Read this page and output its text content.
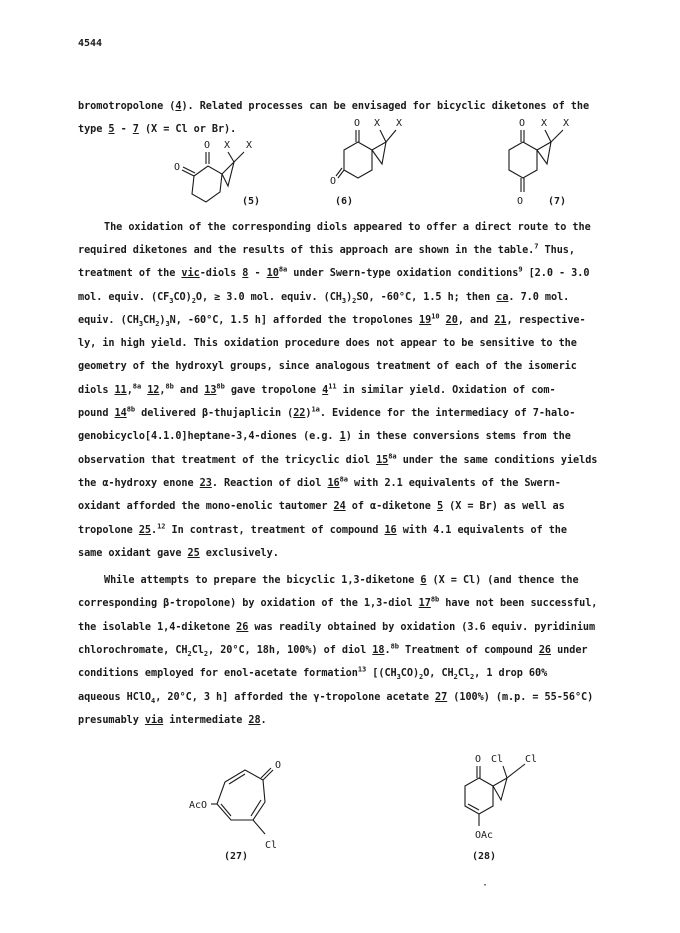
4544
bromotropolone (4). Related processes can be envisaged for bicyclic diketones of the
type 5 - 7 (X = Cl or Br).
O X X
O
(5)
O X X
O
(6)
O X X
O (7)
The oxidation of the corresponding diols appeared to offer a direct route to the
required diketones and the results of this approach are shown in the table.$^7$ Thus,
treatment of the vic-diols $8 - 10^{8a}$ under Swern-type oxidation conditions$^9$ [2.0 - 3.0
mol. equiv. $(CF_3CO)_2O$, ≥ 3.0 mol. equiv. $(CH_3)_2SO$, -60°C, 1.5 h; then ca. 7.0 mol.
equiv. $(CH_3CH_2)_3N$, -60°C, 1.5 h] afforded the tropolones $19^{10}$ 20, and 21, respective-
ly, in high yield. This oxidation procedure does not appear to be sensitive to the
geometry of the hydroxyl groups, since analogous treatment of each of the isomeric
diols 11,$^{8a}$ 12,$^{8b}$ and $13^{8b}$ gave tropolone $4^{11}$ in similar yield. Oxidation of com-
pound $14^{8b}$ delivered β-thujaplicin $(22)^{1a}$. Evidence for the intermediacy of 7-halo-
genobicyclo[4.1.0]heptane-3,4-diones (e.g. 1) in these conversions stems from the
observation that treatment of the tricyclic diol $15^{8a}$ under the same conditions yields
the α-hydroxy enone 23. Reaction of diol $16^{8a}$ with 2.1 equivalents of the Swern-
oxidant afforded the mono-enolic tautomer 24 of α-diketone 5 (X = Br) as well as
tropolone 25.12 In contrast, treatment of compound 16 with 4.1 equivalents of the
same oxidant gave 25 exclusively.
While attempts to prepare the bicyclic 1,3-diketone 6 (X = Cl) (and thence the
corresponding β-tropolone) by oxidation of the 1,3-diol $17^{8b}$ have not been successful,
the isolable 1,4-diketone 26 was readily obtained by oxidation (3.6 equiv. pyridinium
chlorochromate, $CH_2Cl_2$, 20°C, 18h, 100%) of diol 18.$^{8b}$ Treatment of compound 26 under
conditions employed for enol-acetate formation$^{13}$ [$(CH_3CO)_2O$, $CH_2Cl_2$, 1 drop 60%
aqueous HClO$_4$, 20°C, 3 h] afforded the γ-tropolone acetate 27 (100%) (m.p. = 55-56°C)
presumably via intermediate 28.
O
AcO
Cl
(27)
O Cl Cl
OAc
(28)
·
